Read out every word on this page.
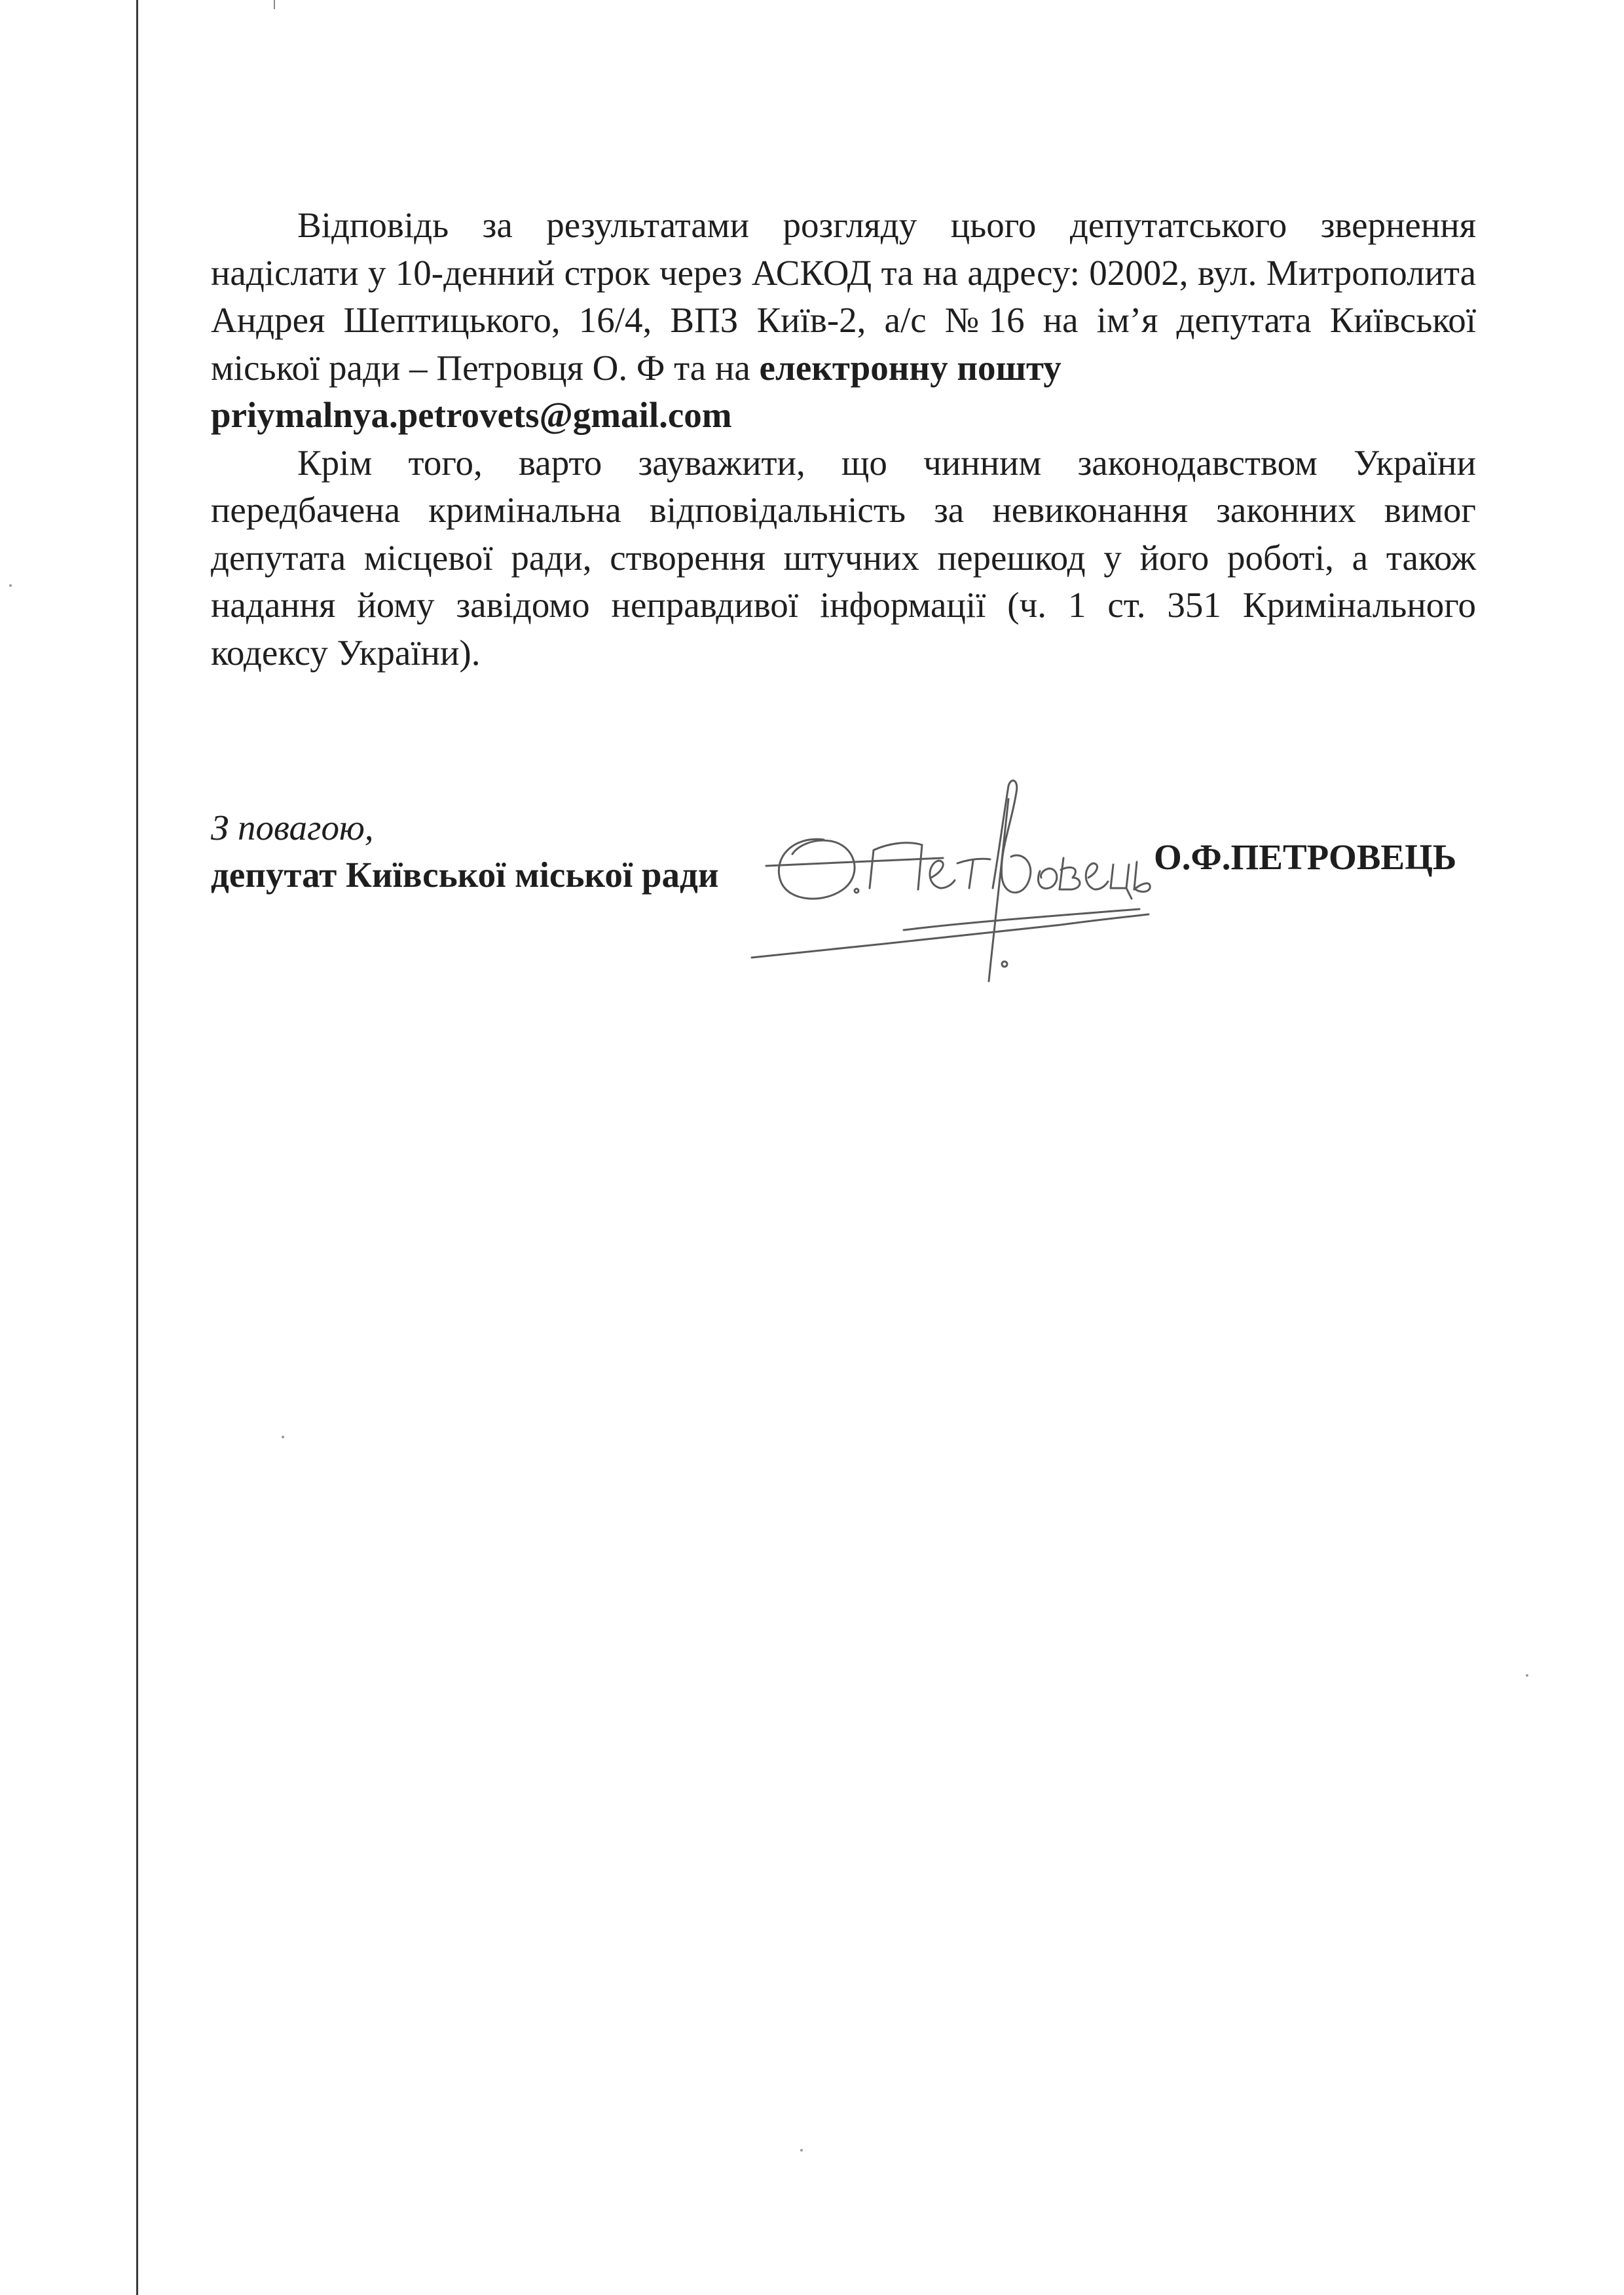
Відповідь за результатами розгляду цього депутатського звернення надіслати у 10-денний строк через АСКОД та на адресу: 02002, вул. Митрополита Андрея Шептицького, 16/4, ВПЗ Київ-2, а/с №16 на ім’я депутата Київської міської ради – Петровця О. Ф та на електронну пошту
priymalnya.petrovets@gmail.com

Крім того, варто зауважити, що чинним законодавством України передбачена кримінальна відповідальність за невиконання законних вимог депутата місцевої ради, створення штучних перешкод у його роботі, а також надання йому завідомо неправдивої інформації (ч. 1 ст. 351 Кримінального кодексу України).

З повагою,
депутат Київської міської ради	О.Ф.ПЕТРОВЕЦЬ
